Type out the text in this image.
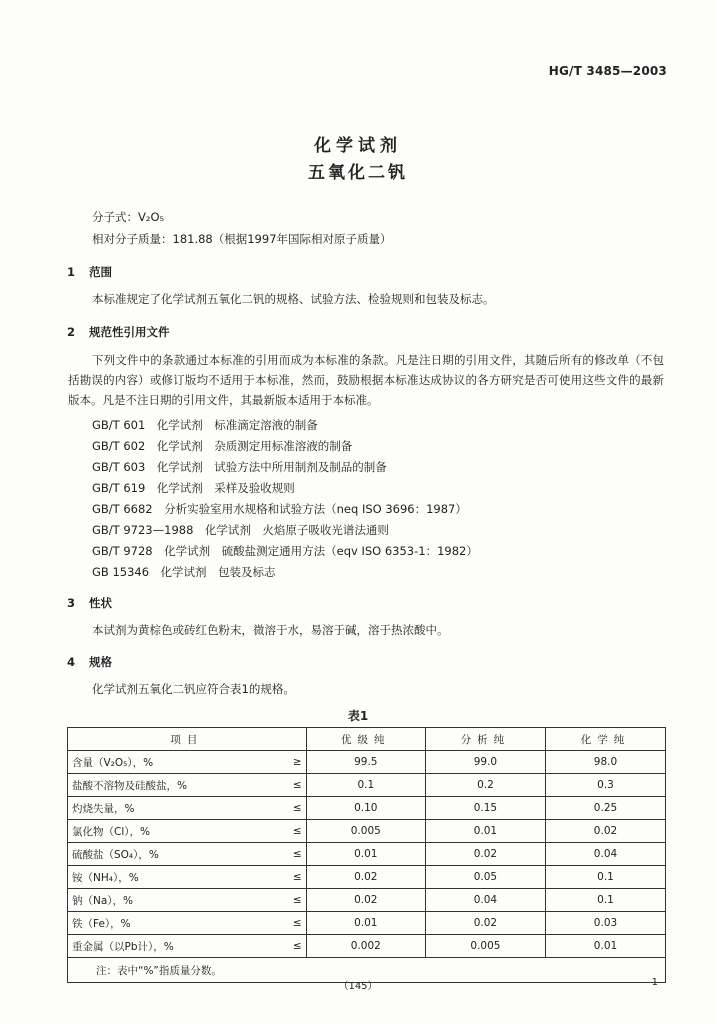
HG/T 3485—2003
化学试剂
五氧化二钒
分子式：V₂O₅
相对分子质量：181.88（根据1997年国际相对原子质量）
1 范围
本标准规定了化学试剂五氧化二钒的规格、试验方法、检验规则和包装及标志。
2 规范性引用文件
下列文件中的条款通过本标准的引用而成为本标准的条款。凡是注日期的引用文件，其随后所有的修改单（不包括勘误的内容）或修订版均不适用于本标准，然而，鼓励根据本标准达成协议的各方研究是否可使用这些文件的最新版本。凡是不注日期的引用文件，其最新版本适用于本标准。
GB/T 601　化学试剂　标准滴定溶液的制备
GB/T 602　化学试剂　杂质测定用标准溶液的制备
GB/T 603　化学试剂　试验方法中所用制剂及制品的制备
GB/T 619　化学试剂　采样及验收规则
GB/T 6682　分析实验室用水规格和试验方法（neq ISO 3696：1987）
GB/T 9723—1988　化学试剂　火焰原子吸收光谱法通则
GB/T 9728　化学试剂　硫酸盐测定通用方法（eqv ISO 6353-1：1982）
GB 15346　化学试剂　包装及标志
3 性状
本试剂为黄棕色或砖红色粉末，微溶于水，易溶于碱，溶于热浓酸中。
4 规格
化学试剂五氧化二钒应符合表1的规格。
表1
项目		优级纯	分析纯	化学纯
含量（V₂O₅），%	≥	99.5	99.0	98.0
盐酸不溶物及硅酸盐，%	≤	0.1	0.2	0.3
灼烧失量，%	≤	0.10	0.15	0.25
氯化物（Cl），%	≤	0.005	0.01	0.02
硫酸盐（SO₄），%	≤	0.01	0.02	0.04
铵（NH₄），%	≤	0.02	0.05	0.1
钠（Na），%	≤	0.02	0.04	0.1
铁（Fe），%	≤	0.01	0.02	0.03
重金属（以Pb计），%	≤	0.002	0.005	0.01
注：表中“%”指质量分数。				
（145）	1
